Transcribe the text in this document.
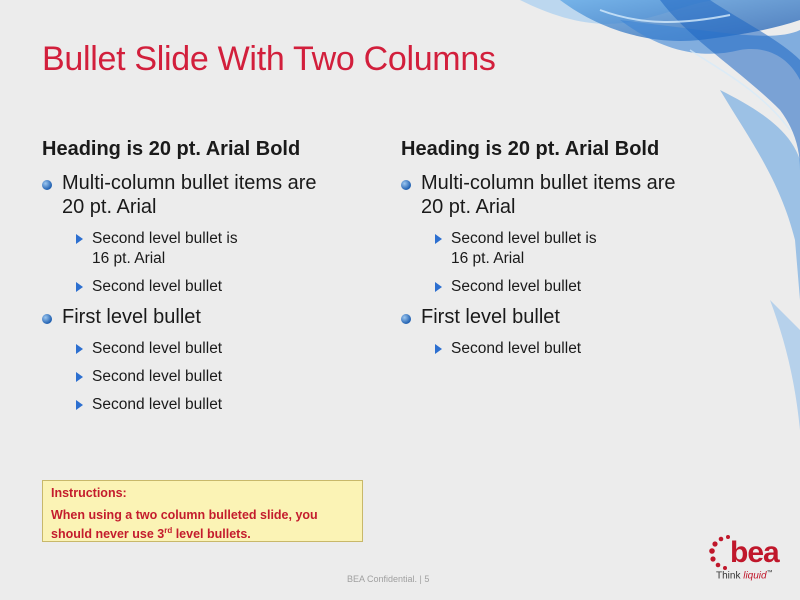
Bullet Slide With Two Columns
Heading is 20 pt. Arial Bold
Multi-column bullet items are
20 pt. Arial
Second level bullet is
16 pt. Arial
Second level bullet
First level bullet
Second level bullet
Second level bullet
Second level bullet
Heading is 20 pt. Arial Bold
Multi-column bullet items are
20 pt. Arial
Second level bullet is
16 pt. Arial
Second level bullet
First level bullet
Second level bullet
Instructions:
When using a two column bulleted slide, you should never use 3rd level bullets.
BEA Confidential. | 5
bea
Think liquid™
